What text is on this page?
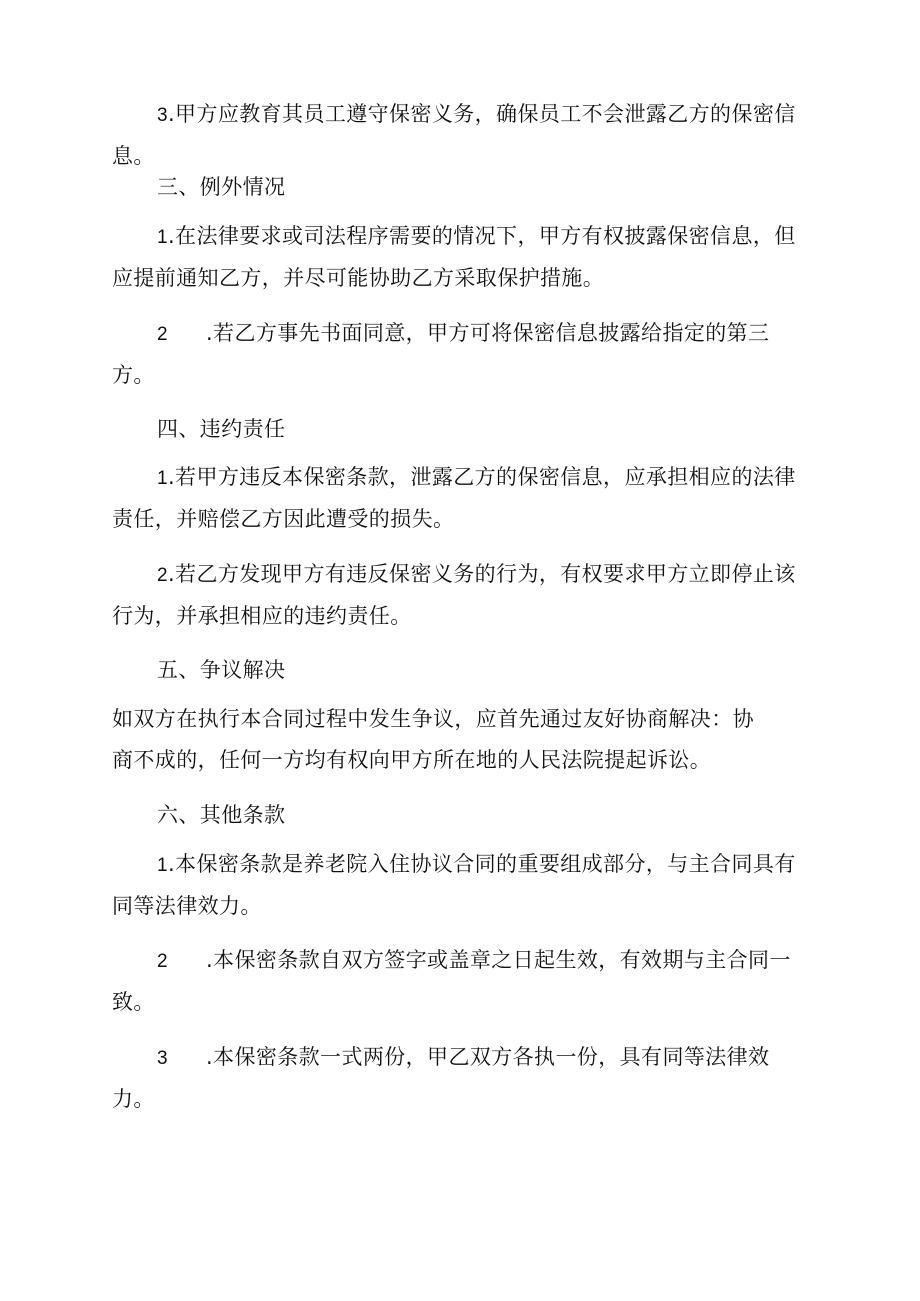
3.甲方应教育其员工遵守保密义务，确保员工不会泄露乙方的保密信
息。
三、例外情况
1.在法律要求或司法程序需要的情况下，甲方有权披露保密信息，但
应提前通知乙方，并尽可能协助乙方采取保护措施。
2 .若乙方事先书面同意，甲方可将保密信息披露给指定的第三
方。
四、违约责任
1.若甲方违反本保密条款，泄露乙方的保密信息，应承担相应的法律
责任，并赔偿乙方因此遭受的损失。
2.若乙方发现甲方有违反保密义务的行为，有权要求甲方立即停止该
行为，并承担相应的违约责任。
五、争议解决
如双方在执行本合同过程中发生争议，应首先通过友好协商解决：协
商不成的，任何一方均有权向甲方所在地的人民法院提起诉讼。
六、其他条款
1.本保密条款是养老院入住协议合同的重要组成部分，与主合同具有
同等法律效力。
2 .本保密条款自双方签字或盖章之日起生效，有效期与主合同一
致。
3 .本保密条款一式两份，甲乙双方各执一份，具有同等法律效
力。
